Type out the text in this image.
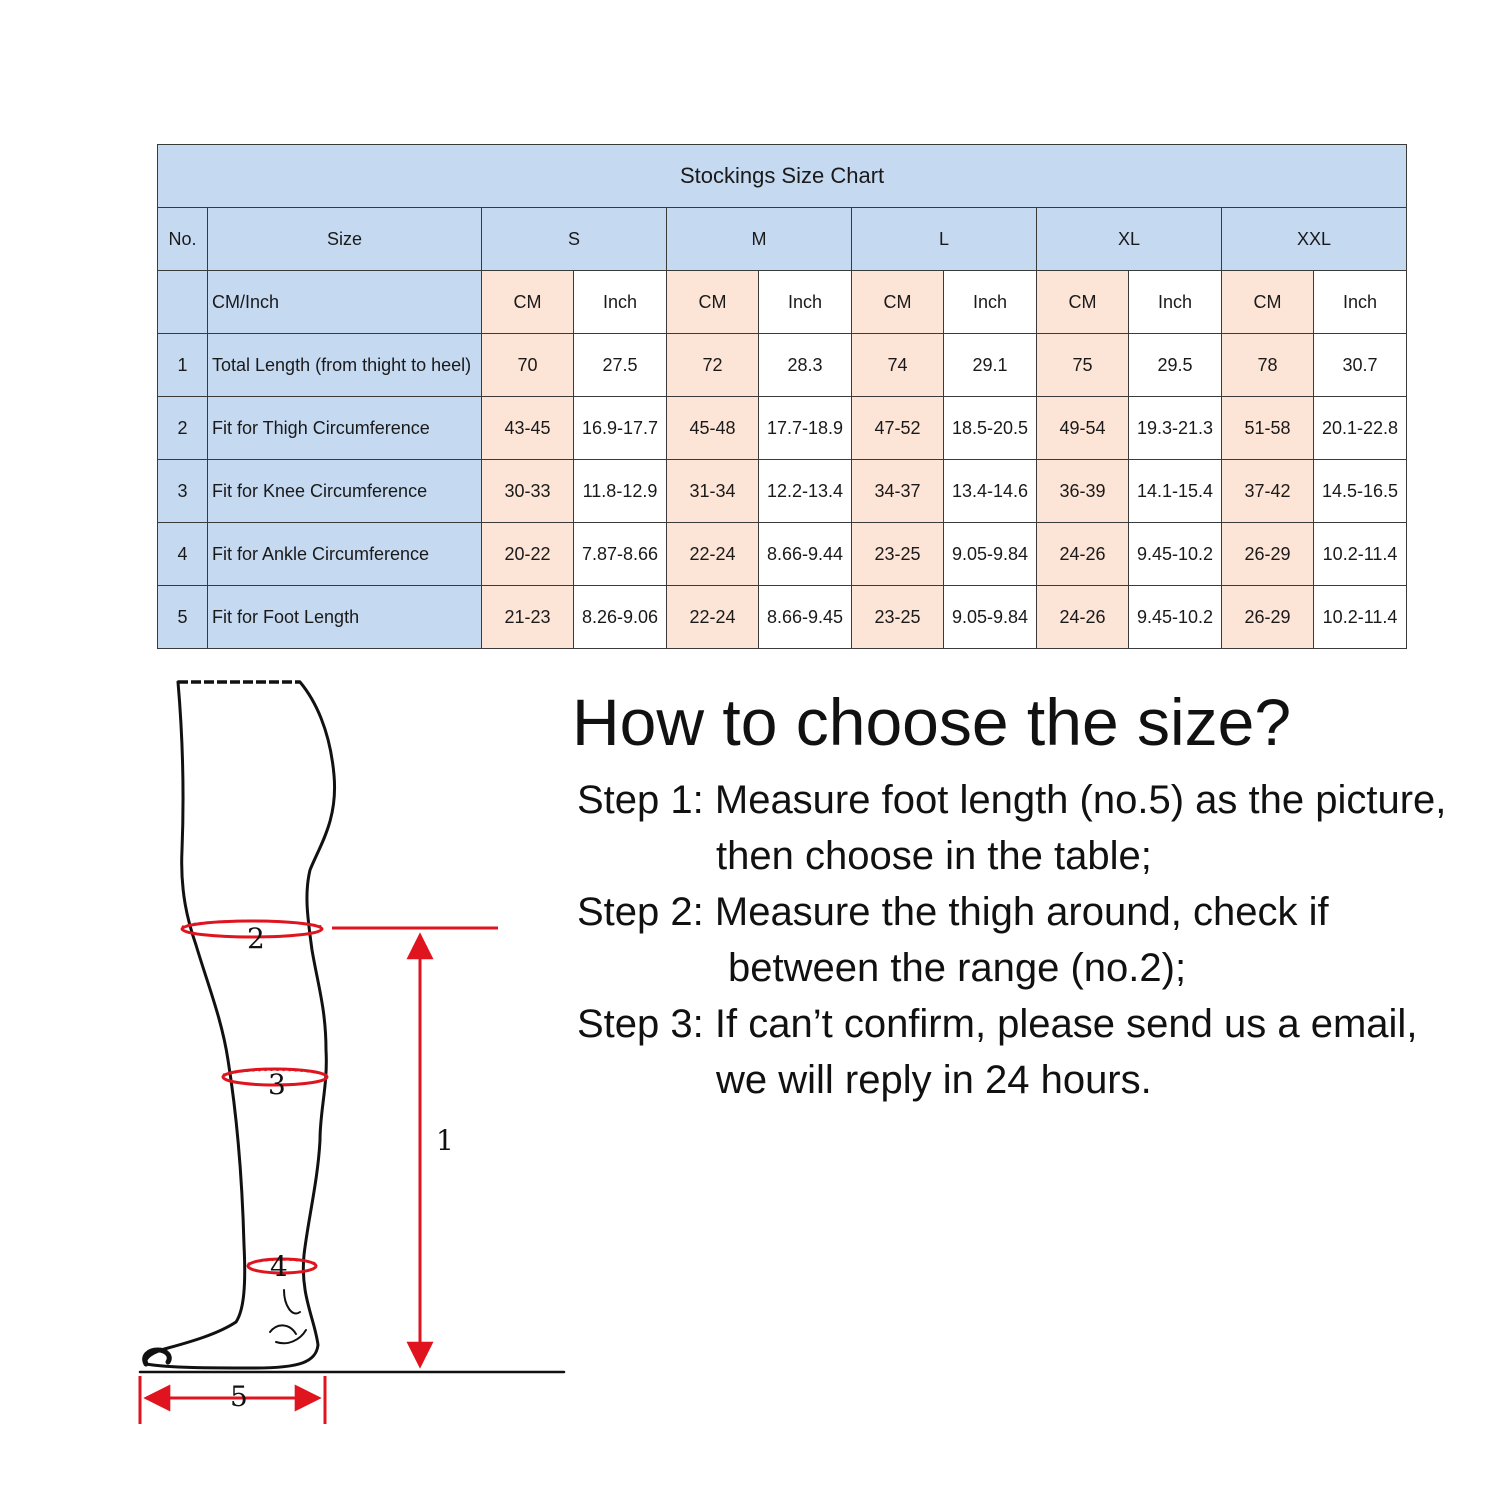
Stockings Size Chart											
No.	Size	S		M		L		XL		XXL	
	CM/Inch	CM	Inch	CM	Inch	CM	Inch	CM	Inch	CM	Inch
1	Total Length (from thight to heel)	70	27.5	72	28.3	74	29.1	75	29.5	78	30.7
2	Fit for Thigh Circumference	43-45	16.9-17.7	45-48	17.7-18.9	47-52	18.5-20.5	49-54	19.3-21.3	51-58	20.1-22.8
3	Fit for Knee Circumference	30-33	11.8-12.9	31-34	12.2-13.4	34-37	13.4-14.6	36-39	14.1-15.4	37-42	14.5-16.5
4	Fit for Ankle Circumference	20-22	7.87-8.66	22-24	8.66-9.44	23-25	9.05-9.84	24-26	9.45-10.2	26-29	10.2-11.4
5	Fit for Foot Length	21-23	8.26-9.06	22-24	8.66-9.45	23-25	9.05-9.84	24-26	9.45-10.2	26-29	10.2-11.4
2
3
4
1
5
How to choose the size?
Step 1: Measure foot length (no.5) as the picture,
then choose in the table;
Step 2: Measure the thigh around, check if
between the range (no.2);
Step 3: If can’t confirm, please send us a email,
we will reply in 24 hours.
